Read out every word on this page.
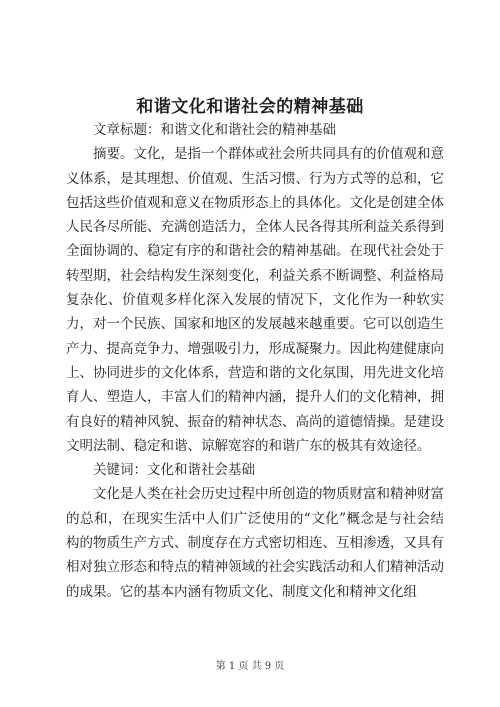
和谐文化和谐社会的精神基础

文章标题：和谐文化和谐社会的精神基础

摘要。文化，是指一个群体或社会所共同具有的价值观和意义体系，是其理想、价值观、生活习惯、行为方式等的总和，它包括这些价值观和意义在物质形态上的具体化。文化是创建全体人民各尽所能、充满创造活力，全体人民各得其所利益关系得到全面协调的、稳定有序的和谐社会的精神基础。在现代社会处于转型期，社会结构发生深刻变化，利益关系不断调整、利益格局复杂化、价值观多样化深入发展的情况下，文化作为一种软实力，对一个民族、国家和地区的发展越来越重要。它可以创造生产力、提高竞争力、增强吸引力，形成凝聚力。因此构建健康向上、协同进步的文化体系，营造和谐的文化氛围，用先进文化培育人、塑造人，丰富人们的精神内涵，提升人们的文化精神，拥有良好的精神风貌、振奋的精神状态、高尚的道德情操。是建设文明法制、稳定和谐、谅解宽容的和谐广东的极其有效途径。

关键词：文化和谐社会基础

文化是人类在社会历史过程中所创造的物质财富和精神财富的总和，在现实生活中人们广泛使用的“文化”概念是与社会结构的物质生产方式、制度存在方式密切相连、互相渗透，又具有相对独立形态和特点的精神领域的社会实践活动和人们精神活动的成果。它的基本内涵有物质文化、制度文化和精神文化组

第 1 页 共 9 页
